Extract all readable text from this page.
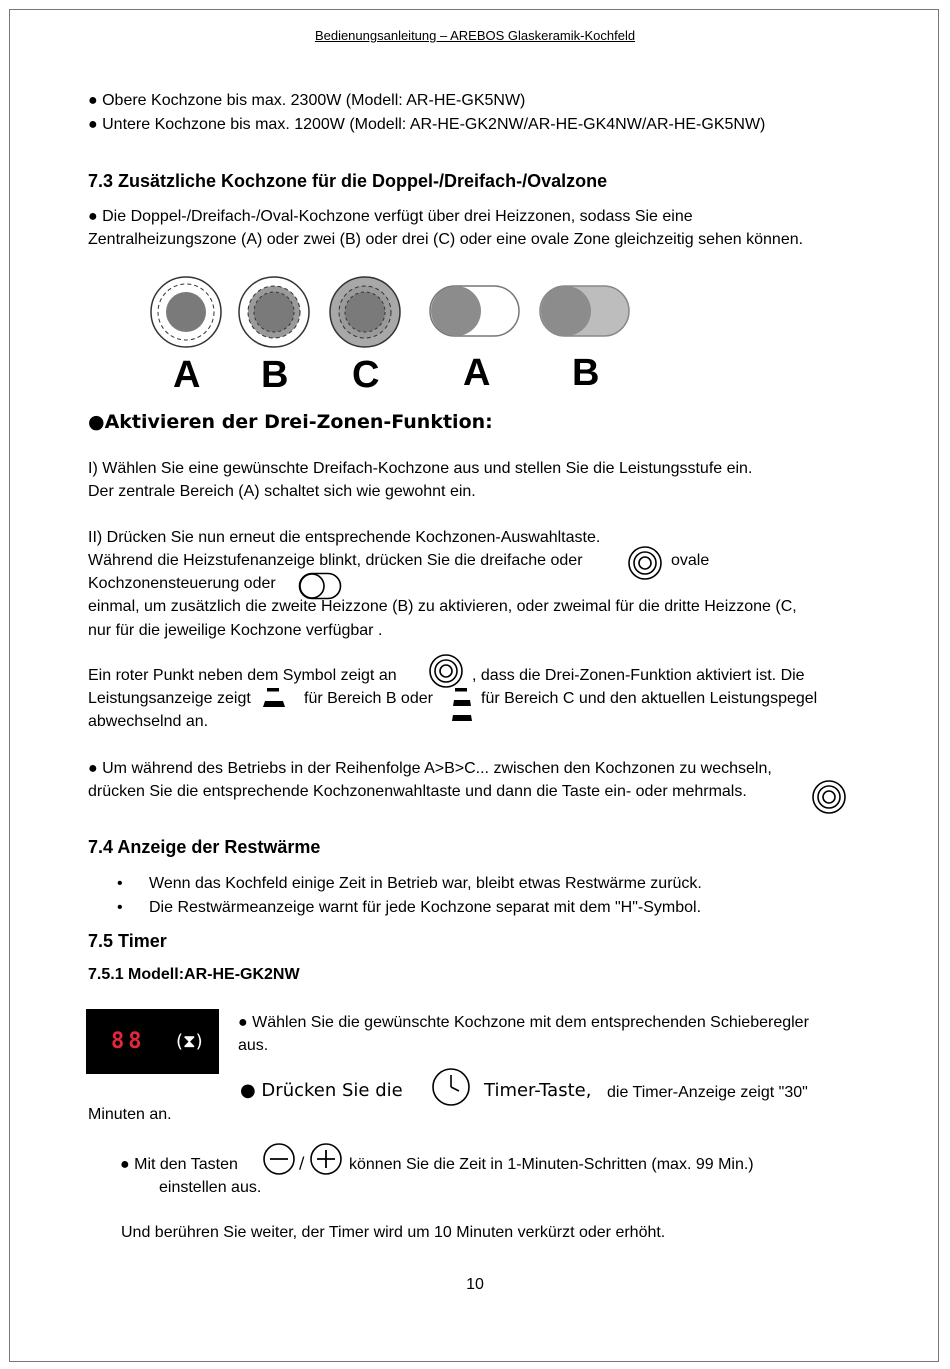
Bedienungsanleitung – AREBOS Glaskeramik-Kochfeld
● Obere Kochzone bis max. 2300W (Modell: AR-HE-GK5NW)
● Untere Kochzone bis max. 1200W (Modell: AR-HE-GK2NW/AR-HE-GK4NW/AR-HE-GK5NW)
7.3 Zusätzliche Kochzone für die Doppel-/Dreifach-/Ovalzone
● Die Doppel-/Dreifach-/Oval-Kochzone verfügt über drei Heizzonen, sodass Sie eine
Zentralheizungszone (A) oder zwei (B) oder drei (C) oder eine ovale Zone gleichzeitig sehen können.
A B C A B
●Aktivieren der Drei-Zonen-Funktion:
I) Wählen Sie eine gewünschte Dreifach-Kochzone aus und stellen Sie die Leistungsstufe ein.
Der zentrale Bereich (A) schaltet sich wie gewohnt ein.
II) Drücken Sie nun erneut die entsprechende Kochzonen-Auswahltaste.
Während die Heizstufenanzeige blinkt, drücken Sie die dreifache oder	ovale
Kochzonensteuerung oder
einmal, um zusätzlich die zweite Heizzone (B) zu aktivieren, oder zweimal für die dritte Heizzone (C,
nur für die jeweilige Kochzone verfügbar .
Ein roter Punkt neben dem Symbol zeigt an	, dass die Drei-Zonen-Funktion aktiviert ist. Die
Leistungsanzeige zeigt	für Bereich B oder	für Bereich C und den aktuellen Leistungspegel
abwechselnd an.
● Um während des Betriebs in der Reihenfolge A>B>C... zwischen den Kochzonen zu wechseln,
drücken Sie die entsprechende Kochzonenwahltaste und dann die Taste ein- oder mehrmals.
7.4 Anzeige der Restwärme
• Wenn das Kochfeld einige Zeit in Betrieb war, bleibt etwas Restwärme zurück.
• Die Restwärmeanzeige warnt für jede Kochzone separat mit dem "H"-Symbol.
7.5 Timer
7.5.1 Modell:AR-HE-GK2NW
88 (⧗)
● Wählen Sie die gewünschte Kochzone mit dem entsprechenden Schieberegler
aus.
● Drücken Sie die	Timer-Taste, die Timer-Anzeige zeigt "30"
Minuten an.
● Mit den Tasten	/	können Sie die Zeit in 1-Minuten-Schritten (max. 99 Min.)
einstellen aus.
Und berühren Sie weiter, der Timer wird um 10 Minuten verkürzt oder erhöht.
10
